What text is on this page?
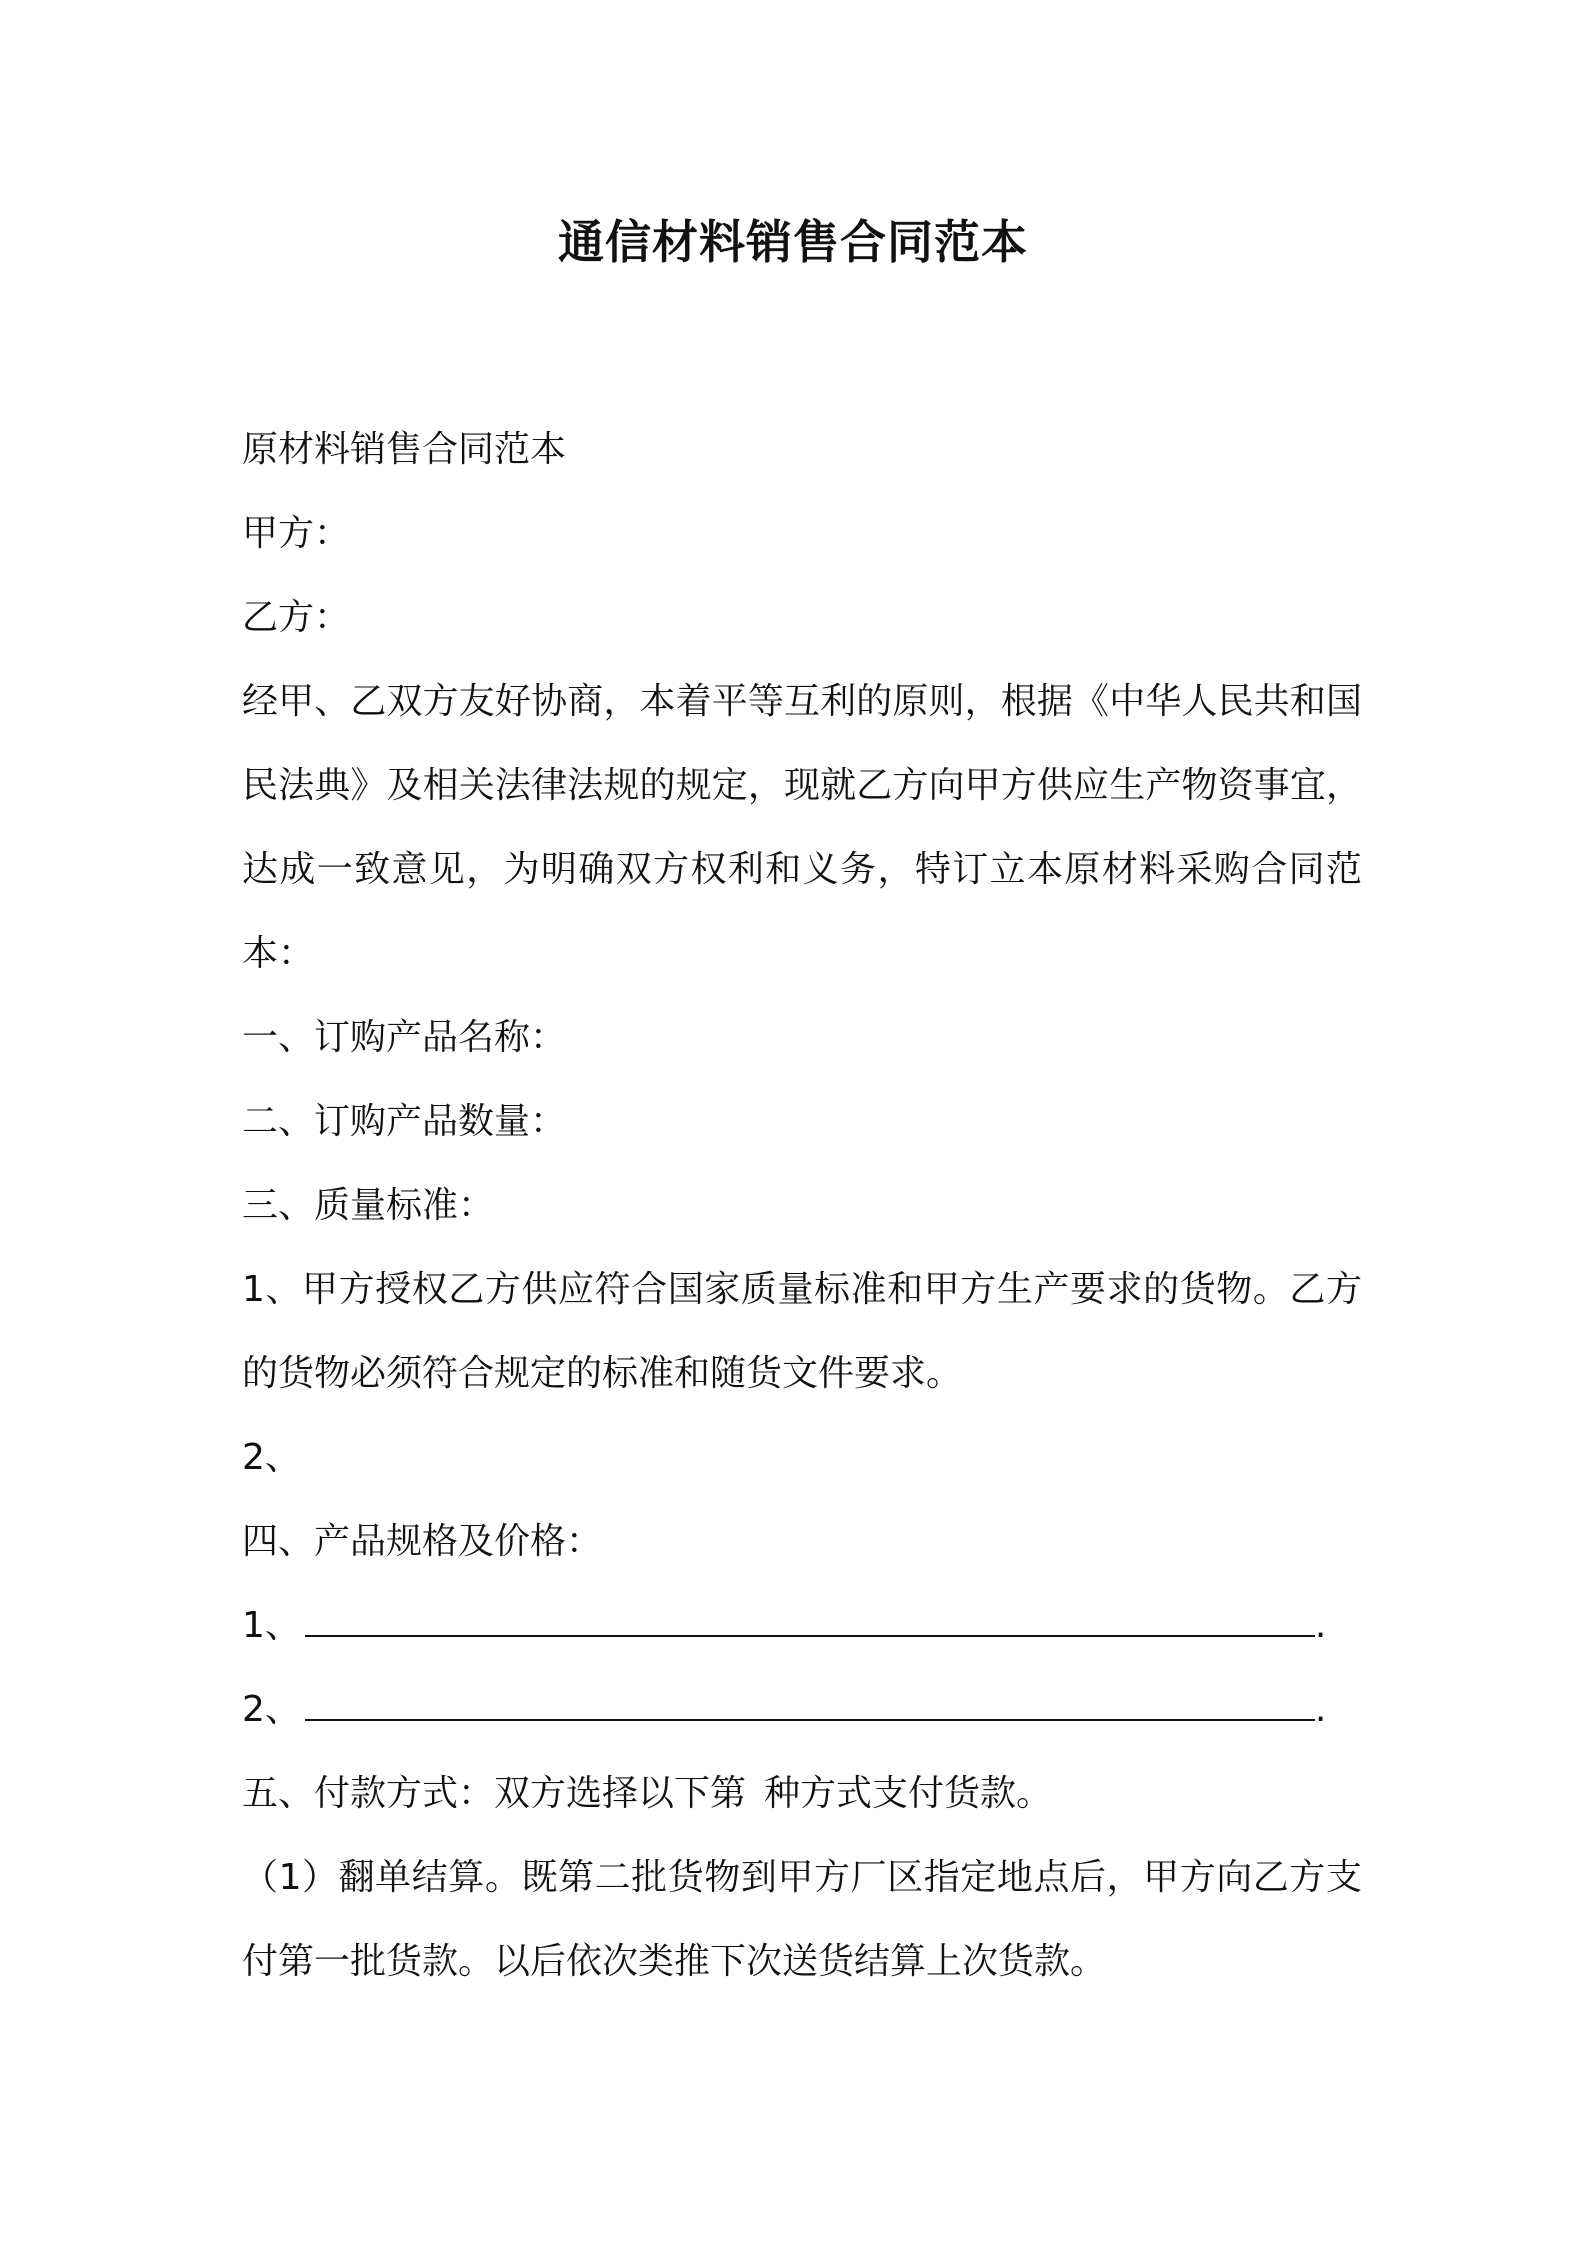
通信材料销售合同范本

原材料销售合同范本

甲方：

乙方：

经甲、乙双方友好协商，本着平等互利的原则，根据《中华人民共和国民法典》及相关法律法规的规定，现就乙方向甲方供应生产物资事宜，达成一致意见，为明确双方权利和义务，特订立本原材料采购合同范本：

一、订购产品名称：

二、订购产品数量：

三、质量标准：

1、甲方授权乙方供应符合国家质量标准和甲方生产要求的货物。乙方的货物必须符合规定的标准和随货文件要求。

2、

四、产品规格及价格：

1、	.

2、	.

五、付款方式：双方选择以下第 种方式支付货款。

（1）翻单结算。既第二批货物到甲方厂区指定地点后，甲方向乙方支付第一批货款。以后依次类推下次送货结算上次货款。
